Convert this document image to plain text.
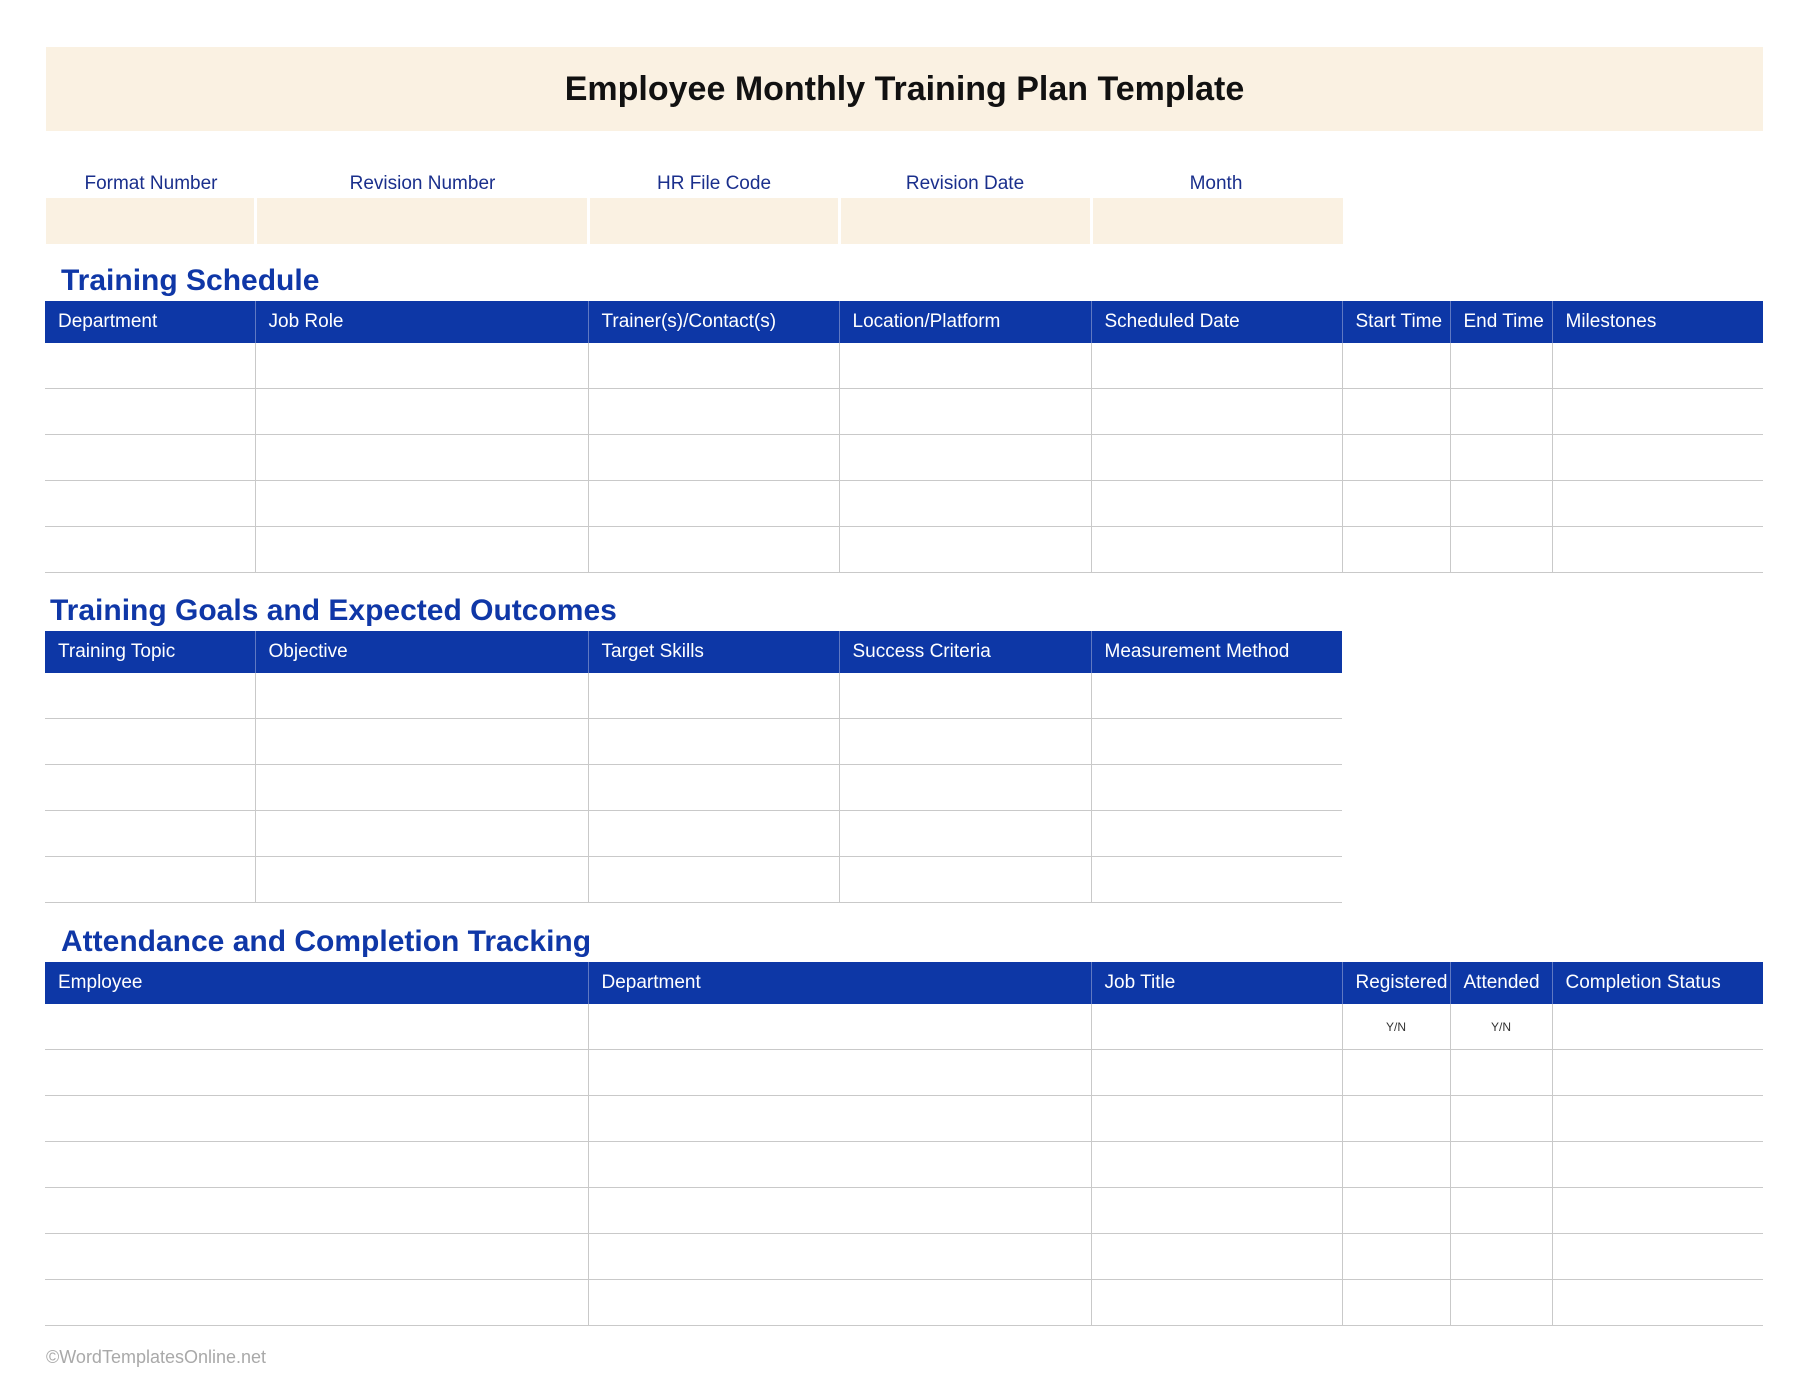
Employee Monthly Training Plan Template
Format Number	Revision Number	HR File Code	Revision Date	Month
Training Schedule
Department	Job Role	Trainer(s)/Contact(s)	Location/Platform	Scheduled Date	Start Time	End Time	Milestones

Training Goals and Expected Outcomes
Training Topic	Objective	Target Skills	Success Criteria	Measurement Method

Attendance and Completion Tracking
Employee	Department	Job Title	Registered	Attended	Completion Status
			Y/N	Y/N	

©WordTemplatesOnline.net
